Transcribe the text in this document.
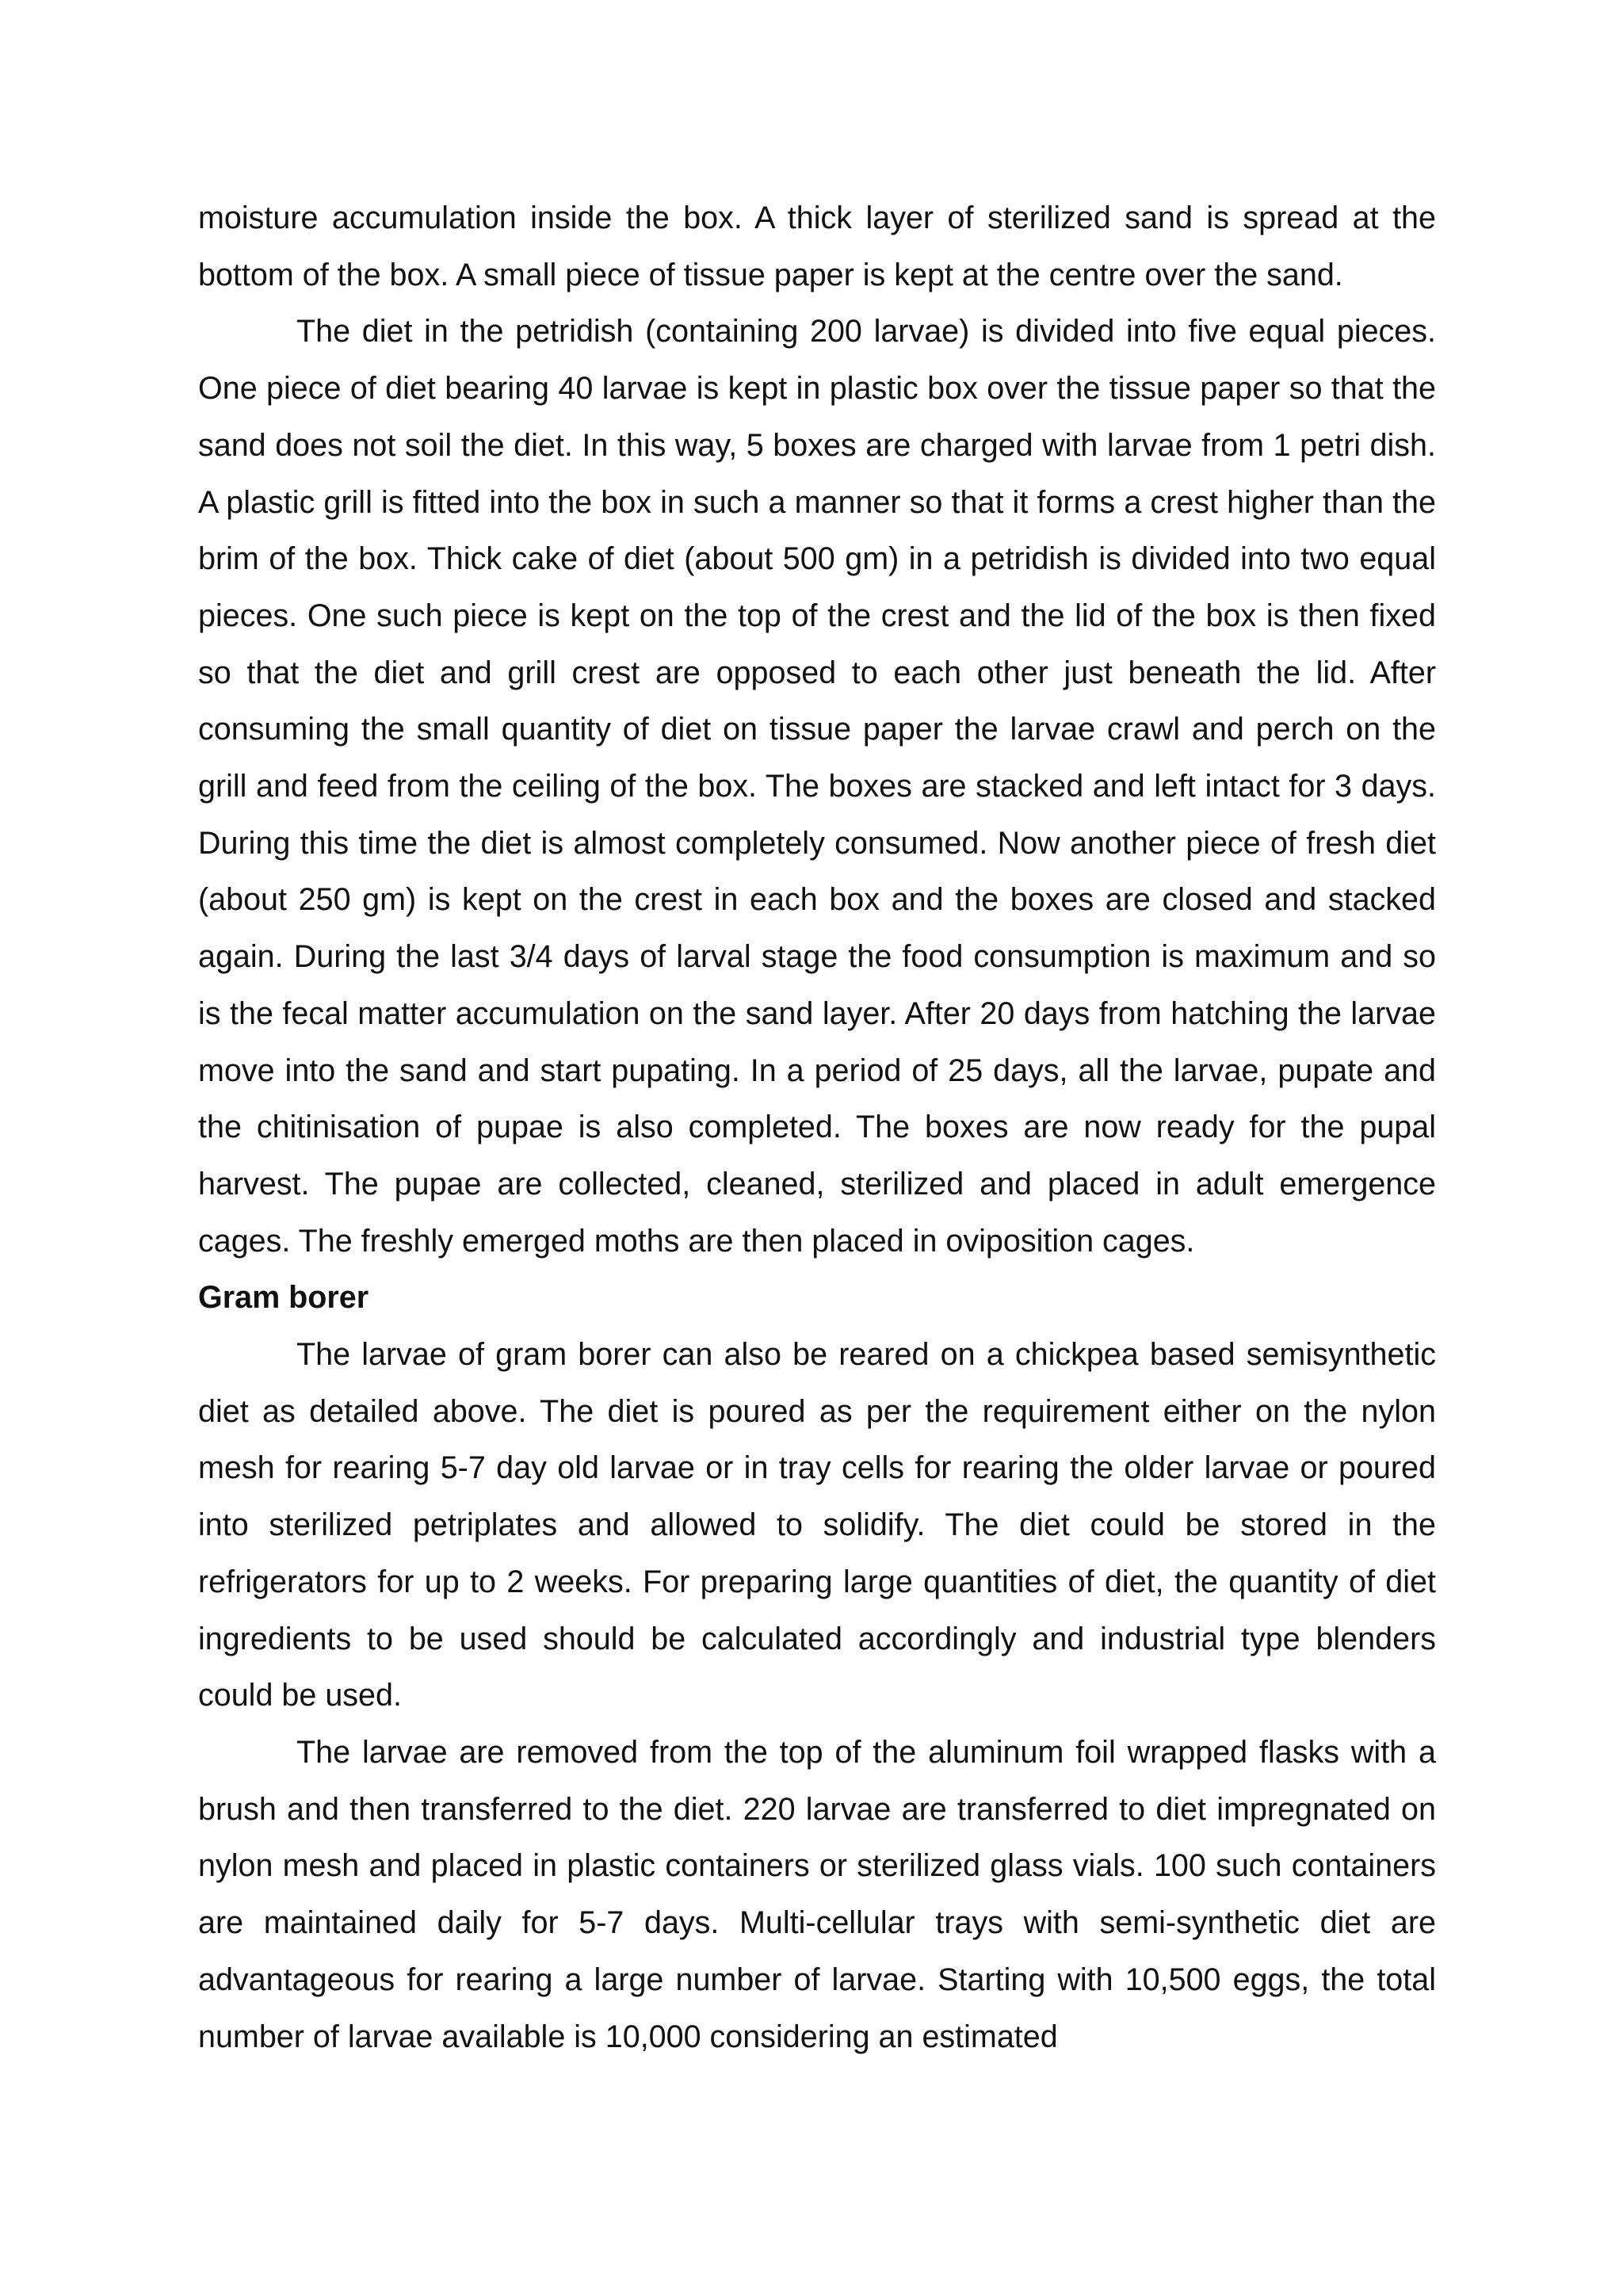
moisture accumulation inside the box. A thick layer of sterilized sand is spread at the bottom of the box. A small piece of tissue paper is kept at the centre over the sand.

The diet in the petridish (containing 200 larvae) is divided into five equal pieces. One piece of diet bearing 40 larvae is kept in plastic box over the tissue paper so that the sand does not soil the diet. In this way, 5 boxes are charged with larvae from 1 petri dish. A plastic grill is fitted into the box in such a manner so that it forms a crest higher than the brim of the box. Thick cake of diet (about 500 gm) in a petridish is divided into two equal pieces. One such piece is kept on the top of the crest and the lid of the box is then fixed so that the diet and grill crest are opposed to each other just beneath the lid. After consuming the small quantity of diet on tissue paper the larvae crawl and perch on the grill and feed from the ceiling of the box. The boxes are stacked and left intact for 3 days. During this time the diet is almost completely consumed. Now another piece of fresh diet (about 250 gm) is kept on the crest in each box and the boxes are closed and stacked again. During the last 3/4 days of larval stage the food consumption is maximum and so is the fecal matter accumulation on the sand layer. After 20 days from hatching the larvae move into the sand and start pupating. In a period of 25 days, all the larvae, pupate and the chitinisation of pupae is also completed. The boxes are now ready for the pupal harvest. The pupae are collected, cleaned, sterilized and placed in adult emergence cages. The freshly emerged moths are then placed in oviposition cages.

Gram borer

The larvae of gram borer can also be reared on a chickpea based semisynthetic diet as detailed above. The diet is poured as per the requirement either on the nylon mesh for rearing 5-7 day old larvae or in tray cells for rearing the older larvae or poured into sterilized petriplates and allowed to solidify. The diet could be stored in the refrigerators for up to 2 weeks. For preparing large quantities of diet, the quantity of diet ingredients to be used should be calculated accordingly and industrial type blenders could be used.

The larvae are removed from the top of the aluminum foil wrapped flasks with a brush and then transferred to the diet. 220 larvae are transferred to diet impregnated on nylon mesh and placed in plastic containers or sterilized glass vials. 100 such containers are maintained daily for 5-7 days. Multi-cellular trays with semi-synthetic diet are advantageous for rearing a large number of larvae. Starting with 10,500 eggs, the total number of larvae available is 10,000 considering an estimated
